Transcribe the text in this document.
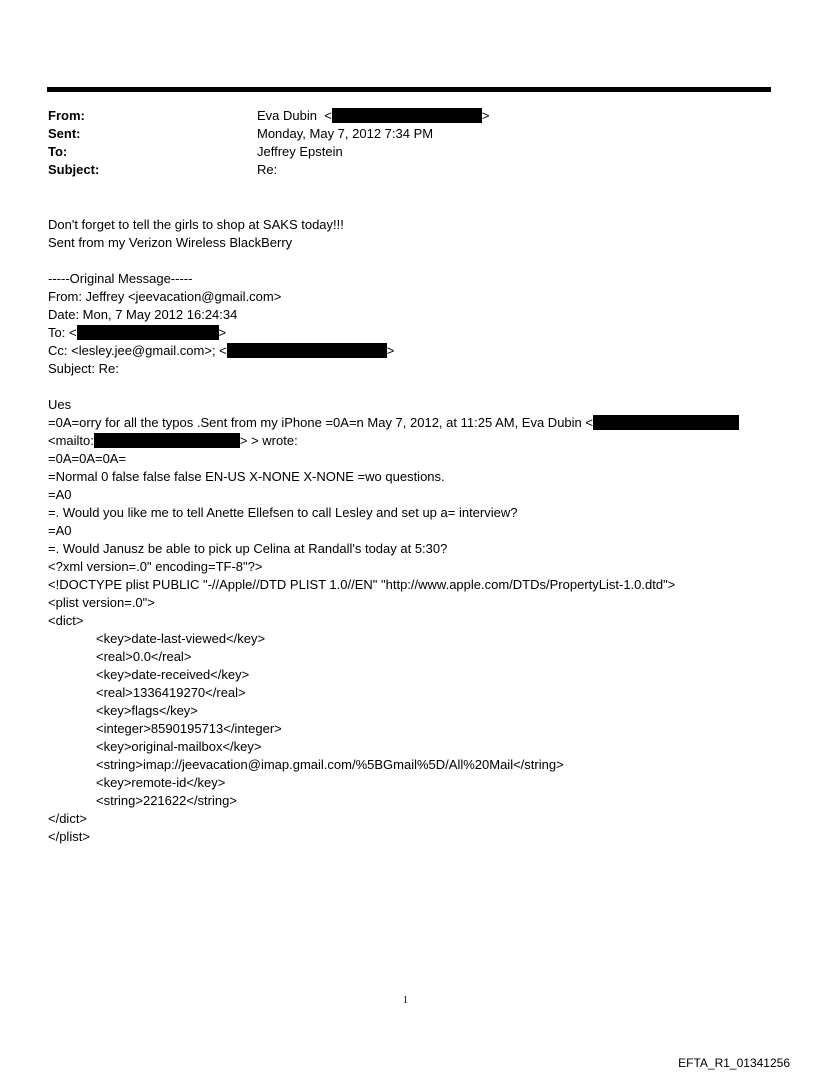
From:	Eva Dubin  <	>
Sent:	Monday, May 7, 2012 7:34 PM
To:	Jeffrey Epstein
Subject:	Re:
Don't forget to tell the girls to shop at SAKS today!!!
Sent from my Verizon Wireless BlackBerry
-----Original Message-----
From: Jeffrey <jeevacation@gmail.com>
Date: Mon, 7 May 2012 16:24:34
To: <	>
Cc: <lesley.jee@gmail.com>; <	>
Subject: Re:
Ues
=0A=orry for all the typos .Sent from my iPhone =0A=n May 7, 2012, at 11:25 AM, Eva Dubin <
<mailto:	> > wrote:
=0A=0A=0A=
=Normal 0 false false false EN-US X-NONE X-NONE =wo questions.
=A0
=. Would you like me to tell Anette Ellefsen to call Lesley and set up a= interview?
=A0
=. Would Janusz be able to pick up Celina at Randall's today at 5:30?
<?xml version=.0" encoding=TF-8"?>
<!DOCTYPE plist PUBLIC "-//Apple//DTD PLIST 1.0//EN" "http://www.apple.com/DTDs/PropertyList-1.0.dtd">
<plist version=.0">
<dict>
<key>date-last-viewed</key>
<real>0.0</real>
<key>date-received</key>
<real>1336419270</real>
<key>flags</key>
<integer>8590195713</integer>
<key>original-mailbox</key>
<string>imap://jeevacation@imap.gmail.com/%5BGmail%5D/All%20Mail</string>
<key>remote-id</key>
<string>221622</string>
</dict>
</plist>
1
EFTA_R1_01341256
